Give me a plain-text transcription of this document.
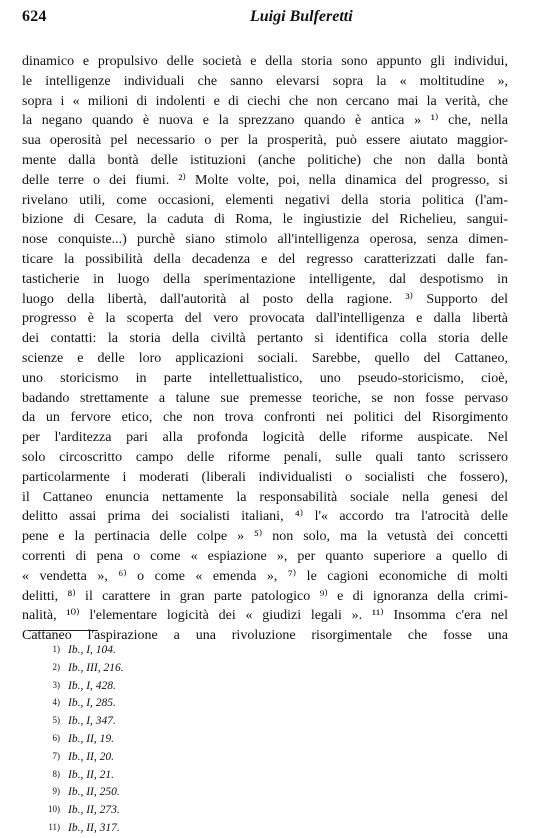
624	Luigi Bulferetti
dinamico e propulsivo delle società e della storia sono appunto gli individui,
le intelligenze individuali che sanno elevarsi sopra la « moltitudine »,
sopra i « milioni di indolenti e di ciechi che non cercano mai la verità, che
la negano quando è nuova e la sprezzano quando è antica » ¹⁾ che, nella
sua operosità pel necessario o per la prosperità, può essere aiutato maggior-
mente dalla bontà delle istituzioni (anche politiche) che non dalla bontà
delle terre o dei fiumi. ²⁾ Molte volte, poi, nella dinamica del progresso, si
rivelano utili, come occasioni, elementi negativi della storia politica (l'am-
bizione di Cesare, la caduta di Roma, le ingiustizie del Richelieu, sangui-
nose conquiste...) purchè siano stimolo all'intelligenza operosa, senza dimen-
ticare la possibilità della decadenza e del regresso caratterizzati dalle fan-
tasticherie in luogo della sperimentazione intelligente, dal despotismo in
luogo della libertà, dall'autorità al posto della ragione. ³⁾ Supporto del
progresso è la scoperta del vero provocata dall'intelligenza e dalla libertà
dei contatti: la storia della civiltà pertanto si identifica colla storia delle
scienze e delle loro applicazioni sociali. Sarebbe, quello del Cattaneo,
uno storicismo in parte intellettualistico, uno pseudo-storicismo, cioè,
badando strettamente a talune sue premesse teoriche, se non fosse pervaso
da un fervore etico, che non trova confronti nei politici del Risorgimento
per l'arditezza pari alla profonda logicità delle riforme auspicate. Nel
solo circoscritto campo delle riforme penali, sulle quali tanto scrissero
particolarmente i moderati (liberali individualisti o socialisti che fossero),
il Cattaneo enuncia nettamente la responsabilità sociale nella genesi del
delitto assai prima dei socialisti italiani, ⁴⁾ l'« accordo tra l'atrocità delle
pene e la pertinacia delle colpe » ⁵⁾ non solo, ma la vetustà dei concetti
correnti di pena o come « espiazione », per quanto superiore a quello di
« vendetta », ⁶⁾ o come « emenda », ⁷⁾ le cagioni economiche di molti
delitti, ⁸⁾ il carattere in gran parte patologico ⁹⁾ e di ignoranza della crimi-
nalità, ¹⁰⁾ l'elementare logicità dei « giudizi legali ». ¹¹⁾ Insomma c'era nel
Cattaneo l'aspirazione a una rivoluzione risorgimentale che fosse una
1) Ib., I, 104.
2) Ib., III, 216.
3) Ib., I, 428.
4) Ib., I, 285.
5) Ib., I, 347.
6) Ib., II, 19.
7) Ib., II, 20.
8) Ib., II, 21.
9) Ib., II, 250.
10) Ib., II, 273.
11) Ib., II, 317.
